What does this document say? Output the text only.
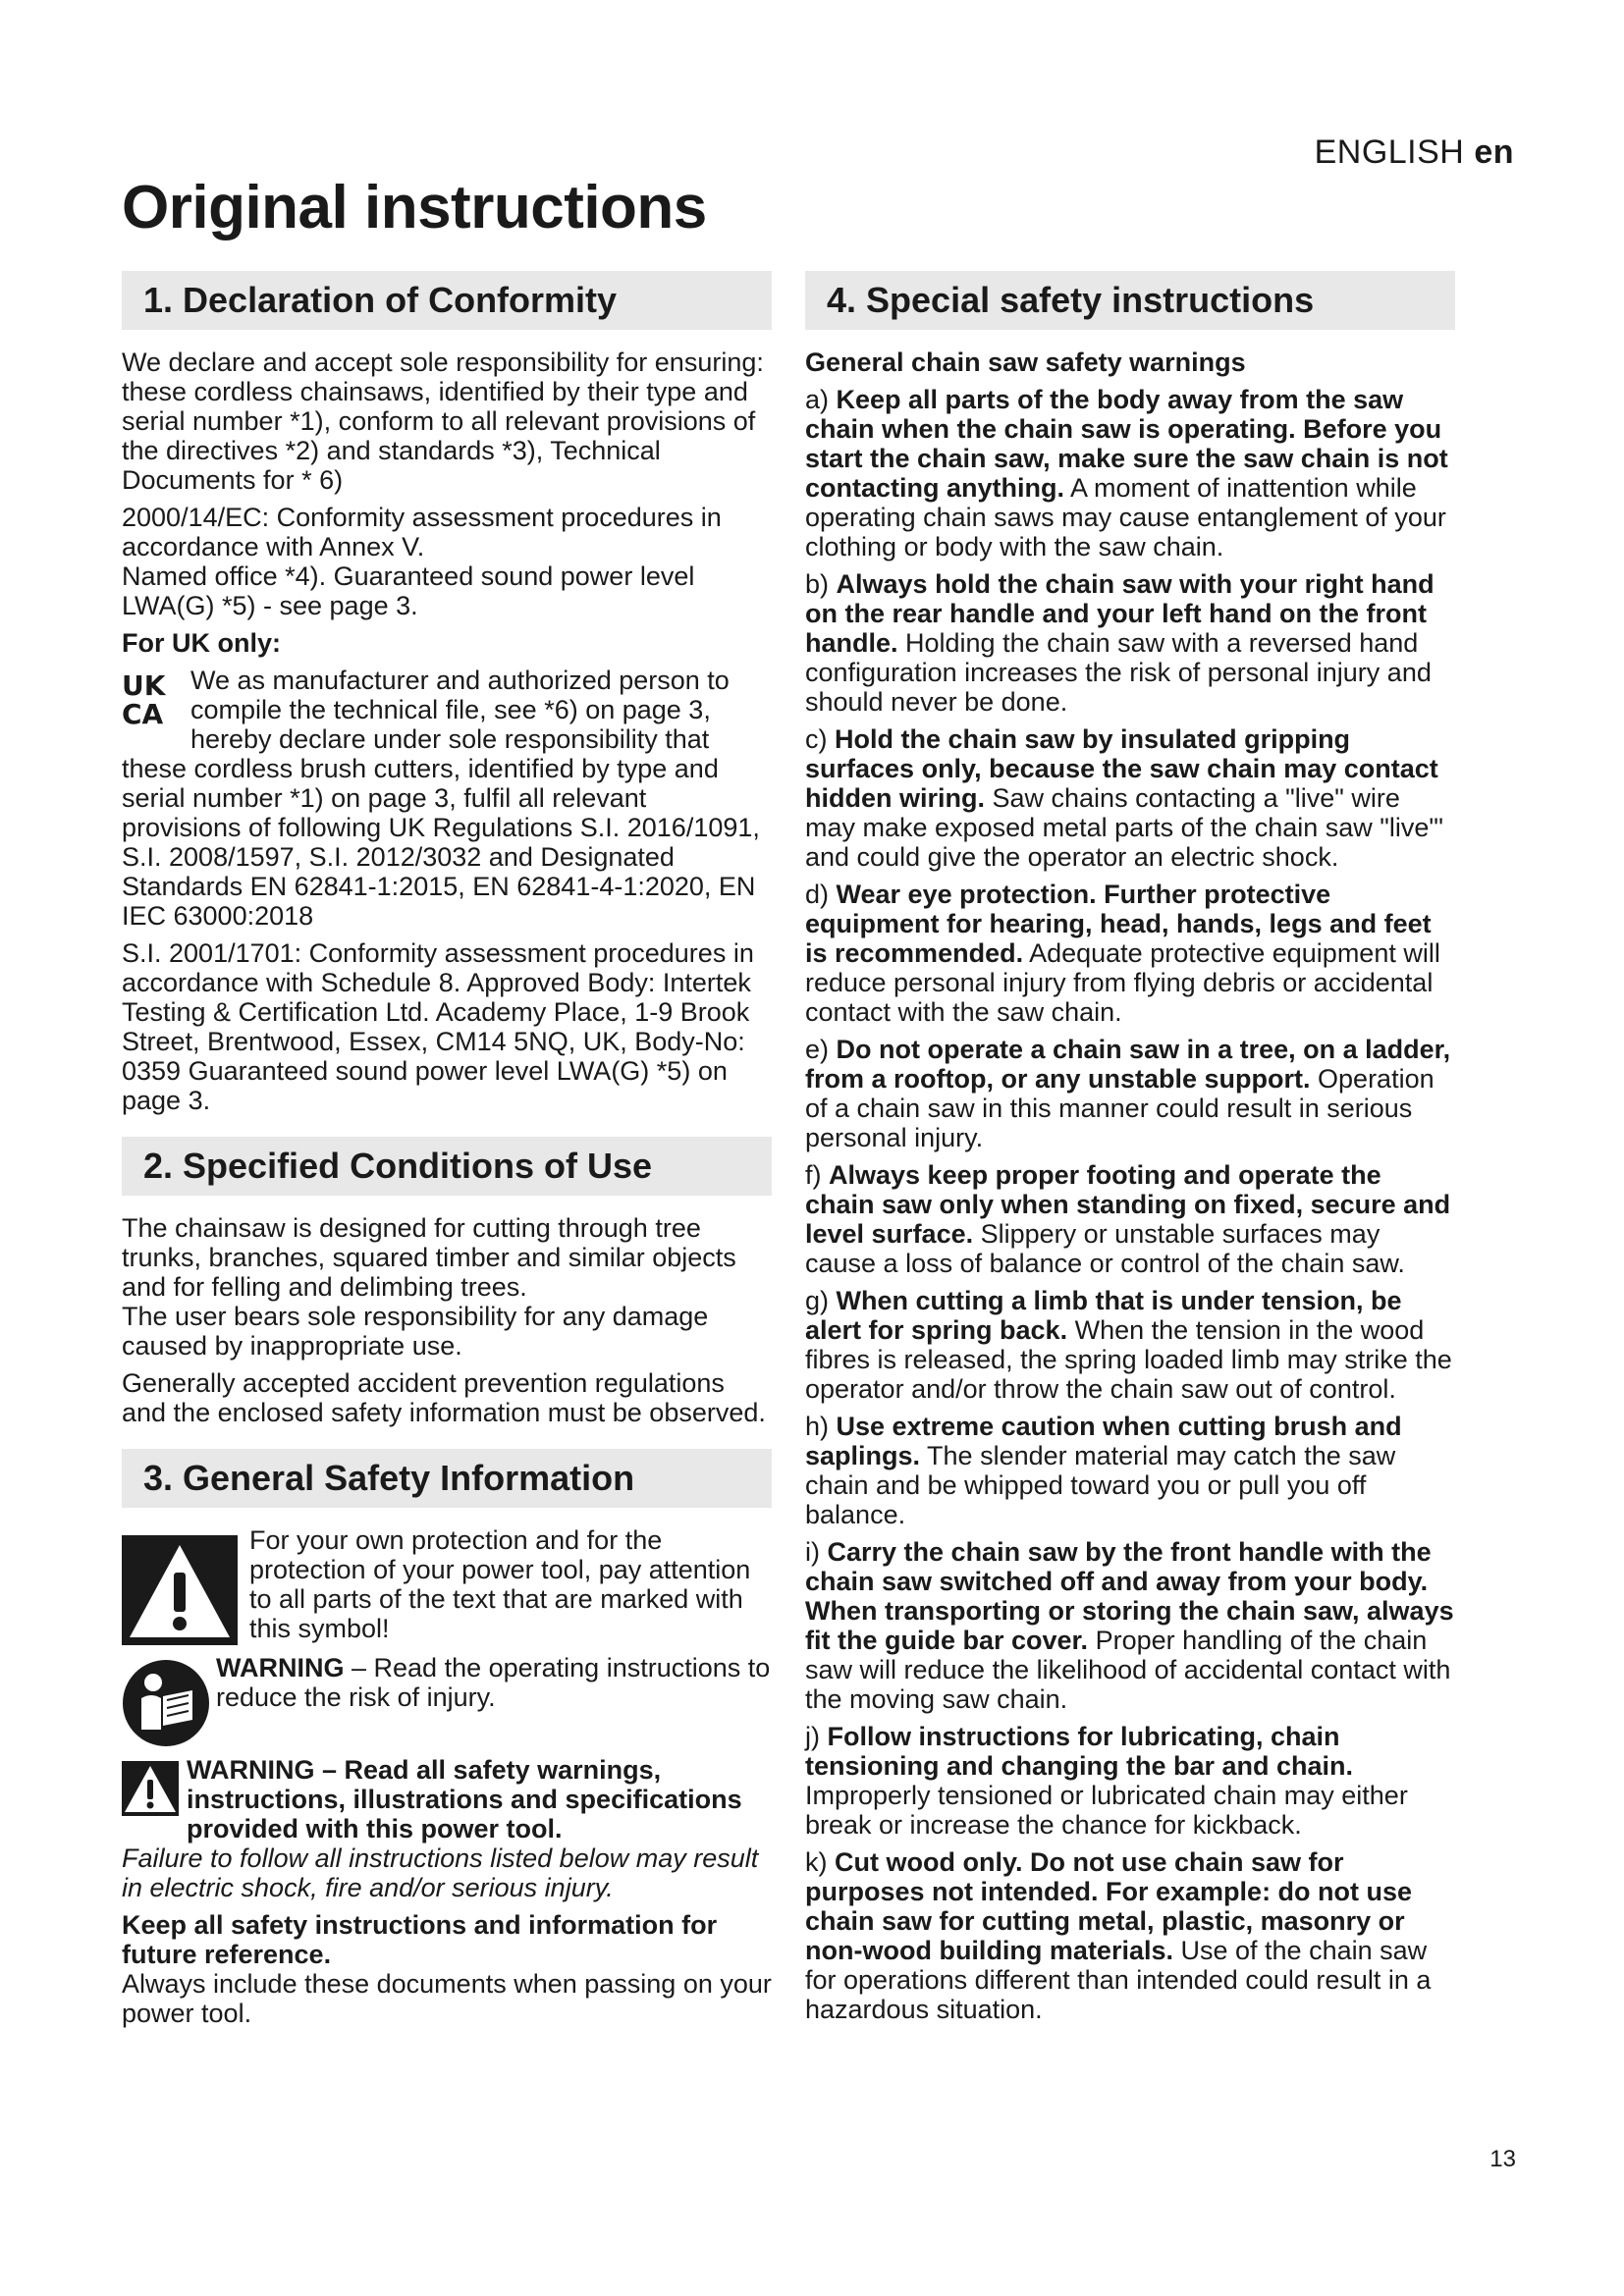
ENGLISH en
Original instructions
1. Declaration of Conformity

We declare and accept sole responsibility for ensuring: these cordless chainsaws, identified by their type and serial number *1), conform to all relevant provisions of the directives *2) and standards *3), Technical Documents for * 6)

2000/14/EC: Conformity assessment procedures in accordance with Annex V.

Named office *4). Guaranteed sound power level LWA(G) *5) - see page 3.

For UK only:
UK
CA

We as manufacturer and authorized person to compile the technical file, see *6) on page 3, hereby declare under sole responsibility that these cordless brush cutters, identified by type and serial number *1) on page 3, fulfil all relevant provisions of following UK Regulations S.I. 2016/1091, S.I. 2008/1597, S.I. 2012/3032 and Designated Standards EN 62841-1:2015, EN 62841-4-1:2020, EN IEC 63000:2018

S.I. 2001/1701: Conformity assessment procedures in accordance with Schedule 8. Approved Body: Intertek Testing & Certification Ltd. Academy Place, 1-9 Brook Street, Brentwood, Essex, CM14 5NQ, UK, Body-No: 0359 Guaranteed sound power level LWA(G) *5) on page 3.

2. Specified Conditions of Use

The chainsaw is designed for cutting through tree trunks, branches, squared timber and similar objects and for felling and delimbing trees.

The user bears sole responsibility for any damage caused by inappropriate use.

Generally accepted accident prevention regulations and the enclosed safety information must be observed.

3. General Safety Information
For your own protection and for the protection of your power tool, pay attention to all parts of the text that are marked with this symbol!
WARNING – Read the operating instructions to reduce the risk of injury.

WARNING – Read all safety warnings, instructions, illustrations and specifications provided with this power tool.

Failure to follow all instructions listed below may result in electric shock, fire and/or serious injury.

Keep all safety instructions and information for future reference.

Always include these documents when passing on your power tool.

4. Special safety instructions
General chain saw safety warnings

a) Keep all parts of the body away from the saw chain when the chain saw is operating. Before you start the chain saw, make sure the saw chain is not contacting anything. A moment of inattention while operating chain saws may cause entanglement of your clothing or body with the saw chain.

b) Always hold the chain saw with your right hand on the rear handle and your left hand on the front handle. Holding the chain saw with a reversed hand configuration increases the risk of personal injury and should never be done.

c) Hold the chain saw by insulated gripping surfaces only, because the saw chain may contact hidden wiring. Saw chains contacting a "live" wire may make exposed metal parts of the chain saw "live"' and could give the operator an electric shock.

d) Wear eye protection. Further protective equipment for hearing, head, hands, legs and feet is recommended. Adequate protective equipment will reduce personal injury from flying debris or accidental contact with the saw chain.

e) Do not operate a chain saw in a tree, on a ladder, from a rooftop, or any unstable support. Operation of a chain saw in this manner could result in serious personal injury.

f) Always keep proper footing and operate the chain saw only when standing on fixed, secure and level surface. Slippery or unstable surfaces may cause a loss of balance or control of the chain saw.

g) When cutting a limb that is under tension, be alert for spring back. When the tension in the wood fibres is released, the spring loaded limb may strike the operator and/or throw the chain saw out of control.

h) Use extreme caution when cutting brush and saplings. The slender material may catch the saw chain and be whipped toward you or pull you off balance.

i) Carry the chain saw by the front handle with the chain saw switched off and away from your body. When transporting or storing the chain saw, always fit the guide bar cover. Proper handling of the chain saw will reduce the likelihood of accidental contact with the moving saw chain.

j) Follow instructions for lubricating, chain tensioning and changing the bar and chain. Improperly tensioned or lubricated chain may either break or increase the chance for kickback.

k) Cut wood only. Do not use chain saw for purposes not intended. For example: do not use chain saw for cutting metal, plastic, masonry or non-wood building materials. Use of the chain saw for operations different than intended could result in a hazardous situation.

13
